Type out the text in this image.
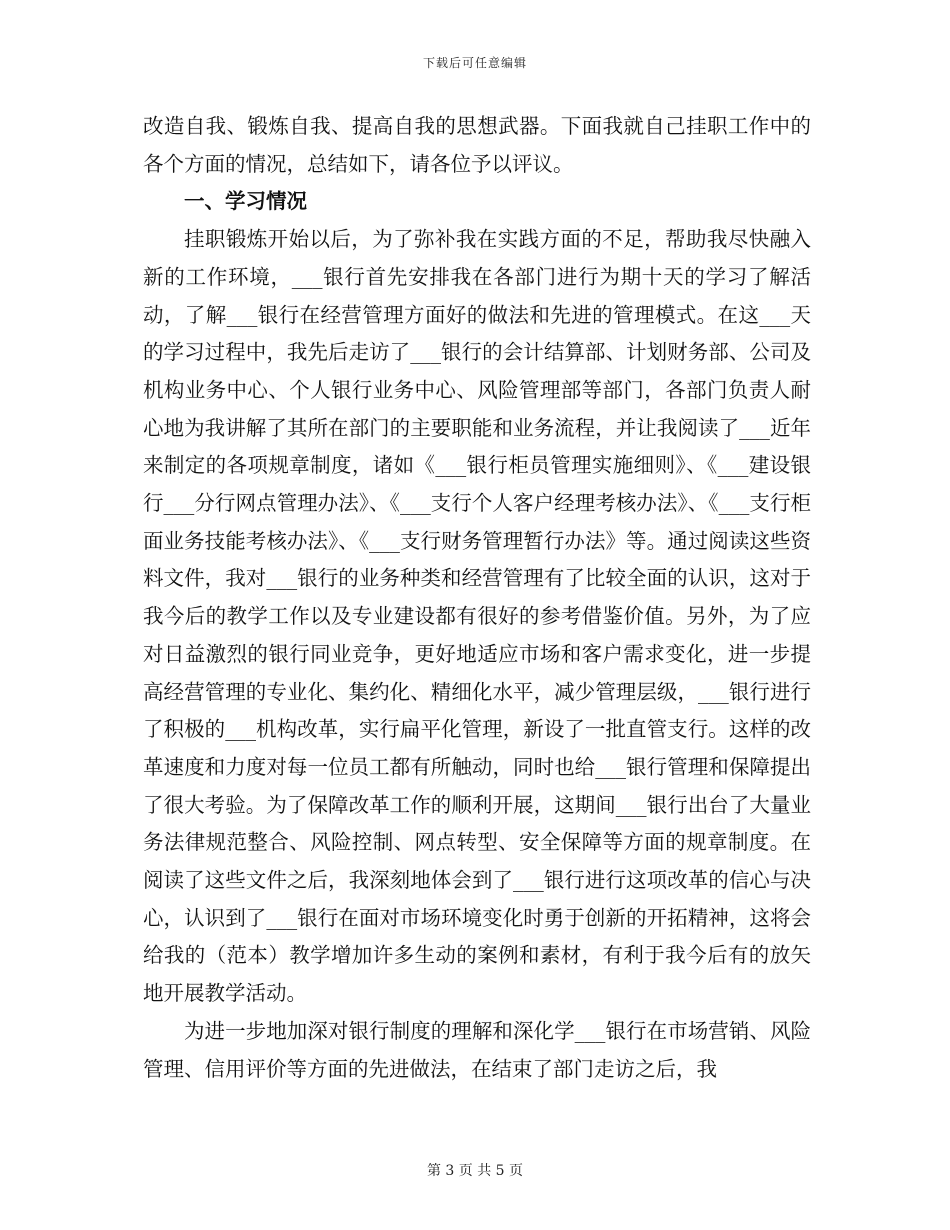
下载后可任意编辑

改造自我、锻炼自我、提高自我的思想武器。下面我就自己挂职工作中的各个方面的情况，总结如下，请各位予以评议。

一、学习情况

挂职锻炼开始以后，为了弥补我在实践方面的不足，帮助我尽快融入新的工作环境，___银行首先安排我在各部门进行为期十天的学习了解活动，了解___银行在经营管理方面好的做法和先进的管理模式。在这___天的学习过程中，我先后走访了___银行的会计结算部、计划财务部、公司及机构业务中心、个人银行业务中心、风险管理部等部门，各部门负责人耐心地为我讲解了其所在部门的主要职能和业务流程，并让我阅读了___近年来制定的各项规章制度，诸如《___银行柜员管理实施细则》、《___建设银行___分行网点管理办法》、《___支行个人客户经理考核办法》、《___支行柜面业务技能考核办法》、《___支行财务管理暂行办法》等。通过阅读这些资料文件，我对___银行的业务种类和经营管理有了比较全面的认识，这对于我今后的教学工作以及专业建设都有很好的参考借鉴价值。另外，为了应对日益激烈的银行同业竞争，更好地适应市场和客户需求变化，进一步提高经营管理的专业化、集约化、精细化水平，减少管理层级，___银行进行了积极的___机构改革，实行扁平化管理，新设了一批直管支行。这样的改革速度和力度对每一位员工都有所触动，同时也给___银行管理和保障提出了很大考验。为了保障改革工作的顺利开展，这期间___银行出台了大量业务法律规范整合、风险控制、网点转型、安全保障等方面的规章制度。在阅读了这些文件之后，我深刻地体会到了___银行进行这项改革的信心与决心，认识到了___银行在面对市场环境变化时勇于创新的开拓精神，这将会给我的（范本）教学增加许多生动的案例和素材，有利于我今后有的放矢地开展教学活动。

为进一步地加深对银行制度的理解和深化学___银行在市场营销、风险管理、信用评价等方面的先进做法，在结束了部门走访之后，我

第 3 页 共 5 页
